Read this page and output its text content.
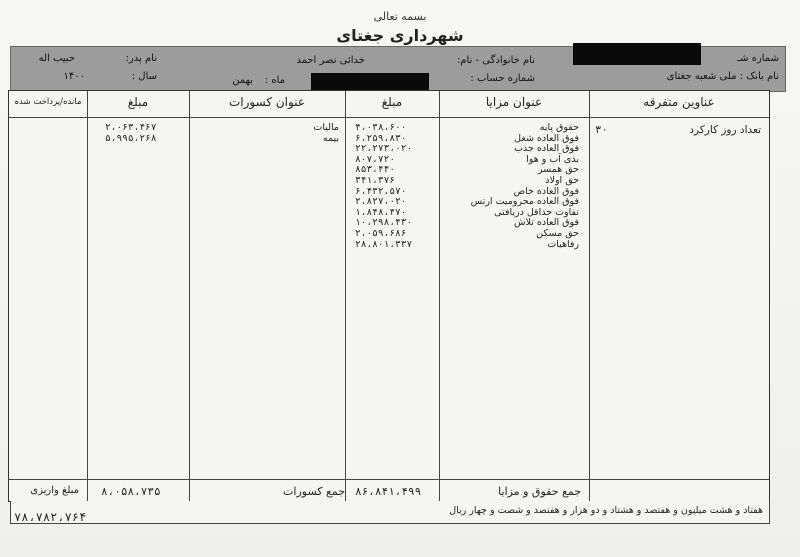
بسمه تعالی
شهرداری جغتای
شماره شـ
نام خانوادگی - نام:
خدائی نصر احمد
نام پدر:
حبیب اله
نام بانک : ملی شعبه جغتای
شماره حساب :
ماه :
بهمن
سال :
۱۴۰۰
عناوین متفرقه
عنوان مزایا
مبلغ
عنوان کسورات
مبلغ
مانده/پرداخت شده
تعداد روز کارکرد
۳۰
حقوق پایه
فوق العاده شغل
فوق العاده جذب
بدی آب و هوا
حق همسر
حق اولاد
فوق العاده خاص
فوق العاده محرومیت ارتس
تفاوت حداقل دریافتی
فوق العاده تلاش
حق مسکن
رفاهیات
۴،۰۳۸،۶۰۰
۶،۲۵۹،۸۳۰
۲۲،۲۷۳،۰۲۰
۸۰۷،۷۲۰
۸۵۳،۴۴۰
۳۴۱،۳۷۶
۶،۴۳۲،۵۷۰
۲،۸۲۷،۰۲۰
۱،۸۴۸،۴۷۰
۱۰،۲۹۸،۴۳۰
۲،۰۵۹،۶۸۶
۲۸،۸۰۱،۳۳۷
مالیات
بیمه
۲،۰۶۳،۴۶۷
۵،۹۹۵،۲۶۸
جمع حقوق و مزایا
۸۶،۸۴۱،۴۹۹
جمع کسورات
۸،۰۵۸،۷۳۵
مبلغ واریزی
هفتاد و هشت میلیون و هفتصد و هشتاد و دو هزار و هفتصد و شصت و چهار ریال
۷۸،۷۸۲،۷۶۴
